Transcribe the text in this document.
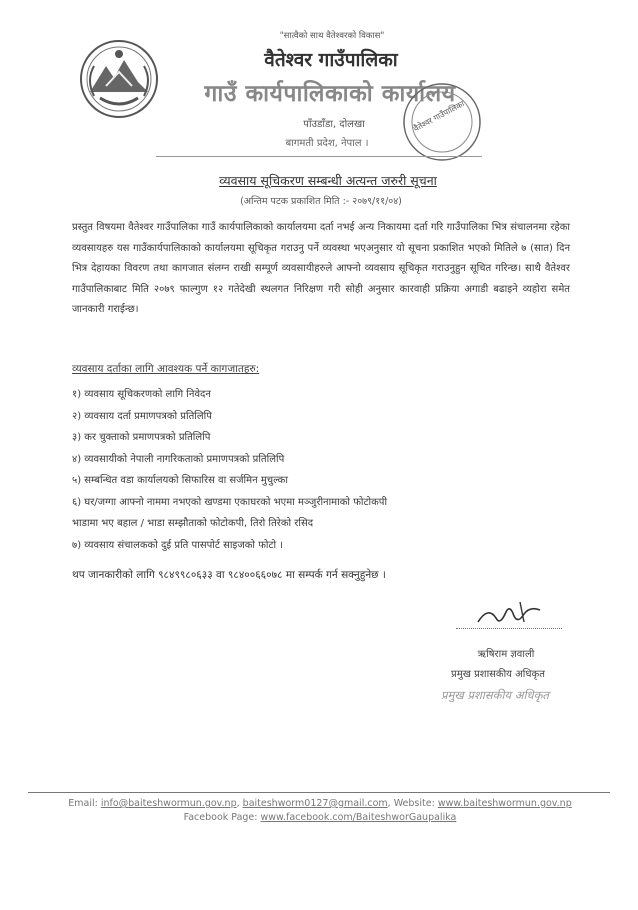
"सात्वैको साथ वैतेश्वरको विकास"
वैतेश्वर गाउँपालिका
गाउँ कार्यपालिकाको कार्यालय
पाँउडाँडा, दोलखा
बागमती प्रदेश, नेपाल ।
वैतेश्वर गाउँपालिका
व्यवसाय सूचिकरण सम्बन्धी अत्यन्त जरुरी सूचना
(अन्तिम पटक प्रकाशित मिति :- २०७९/११/०४)
प्रस्तुत विषयमा वैतेश्वर गाउँपालिका गाउँ कार्यपालिकाको कार्यालयमा दर्ता नभई अन्य निकायमा दर्ता गरि गाउँपालिका भित्र संचालनमा रहेका व्यवसायहरु यस गाउँकार्यपालिकाको कार्यालयमा सूचिकृत गराउनु पर्ने व्यवस्था भएअनुसार यो सूचना प्रकाशित भएको मितिले ७ (सात) दिन भित्र देहायका विवरण तथा कागजात संलग्न राखी सम्पूर्ण व्यवसायीहरुले आफ्नो व्यवसाय सूचिकृत गराउनुहुन सूचित गरिन्छ। साथै वैतेश्वर गाउँपालिकाबाट मिति २०७९ फाल्गुण १२ गतेदेखी स्थलगत निरिक्षण गरी सोही अनुसार कारवाही प्रक्रिया अगाडी बढाइने व्यहोरा समेत जानकारी गराईन्छ।
व्यवसाय दर्ताका लागि आवश्यक पर्ने कागजातहरु:
१) व्यवसाय सूचिकरणको लागि निवेदन
२) व्यवसाय दर्ता प्रमाणपत्रको प्रतिलिपि
३) कर चुक्ताको प्रमाणपत्रको प्रतिलिपि
४) व्यवसायीको नेपाली नागरिकताको प्रमाणपत्रको प्रतिलिपि
५) सम्बन्धित वडा कार्यालयको सिफारिस वा सर्जमिन मुचुल्का
६) घर/जग्गा आफ्नो नाममा नभएको खण्डमा एकाघरको भएमा मञ्जुरीनामाको फोटोकपी
भाडामा भए बहाल / भाडा सम्झौताको फोटोकपी, तिरो तिरेको रसिद
७) व्यवसाय संचालकको दुई प्रति पासपोर्ट साइजको फोटो ।
थप जानकारीको लागि ९८४९९८०६३३ वा ९८४००६६०७८ मा सम्पर्क गर्न सक्नुहुनेछ ।
ऋषिराम ज्ञवाली
प्रमुख प्रशासकीय अधिकृत
प्रमुख प्रशासकीय अधिकृत
Email: info@baiteshwormun.gov.np, baiteshworm0127@gmail.com, Website: www.baiteshwormun.gov.np
Facebook Page: www.facebook.com/BaiteshworGaupalika
